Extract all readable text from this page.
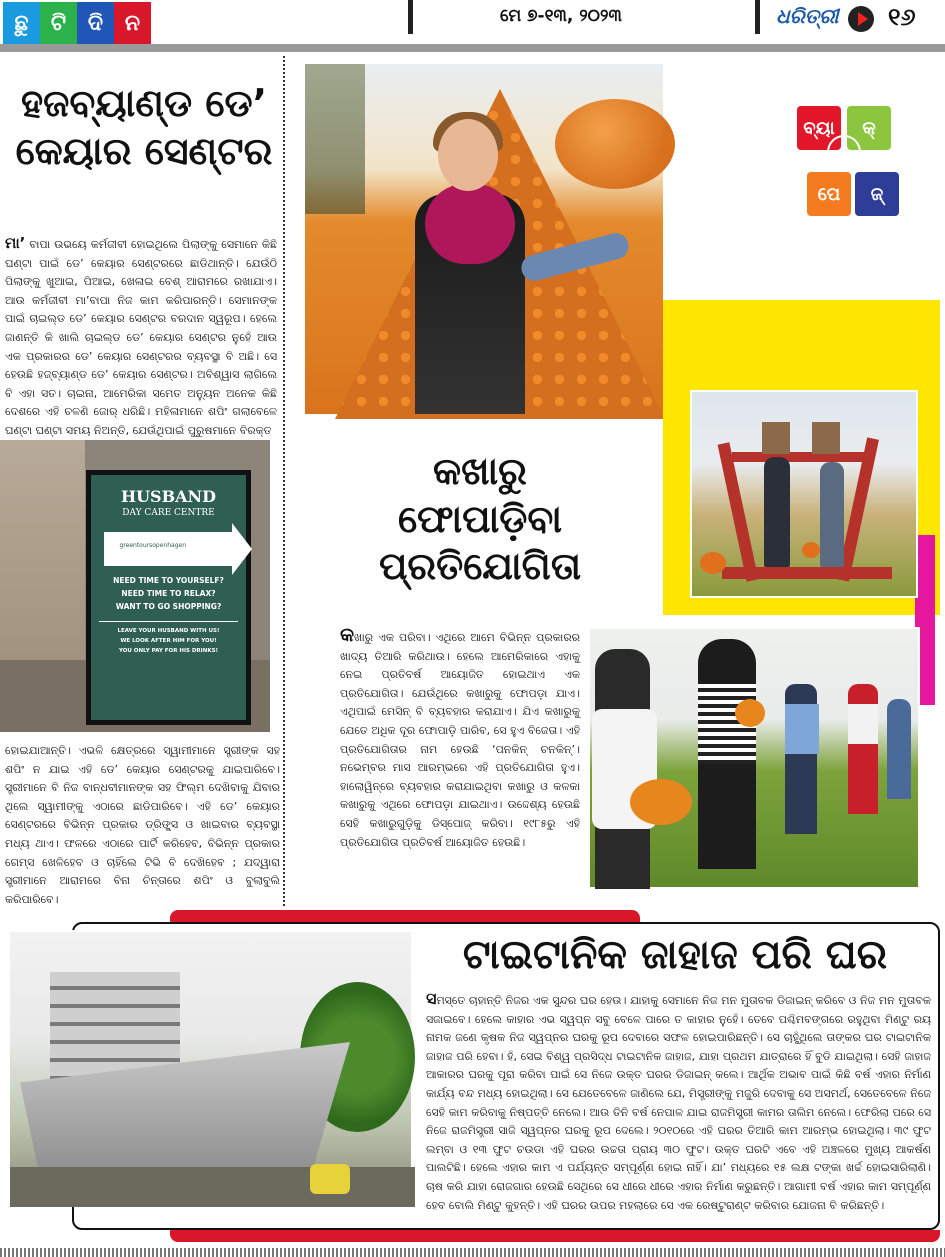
ଛୁ	ଟି ଦି ନ	ମେ ୭-୧୩, ୨୦୨୩	ଧରିତ୍ରୀ ୧୬
ହଜବ୍ୟାଣ୍ଡ ଡେ’ କେୟାର ସେଣ୍ଟର
ମା’ ବାପା ଉଭୟେ କର୍ମଜୀବୀ ହୋଇଥିଲେ ପିଲାଙ୍କୁ ସେମାନେ କିଛି ଘଣ୍ଟା ପାଇଁ ଡେ’ କେୟାର ସେଣ୍ଟରରେ ଛାଡିଥାନ୍ତି। ଯେଉଁଠି ପିଲାଙ୍କୁ ଖୁଆଇ, ପିଆଇ, ଖେଳାଇ ବେଶ୍ ଆରାମରେ ରଖାଯାଏ। ଆଉ କର୍ମଜୀବୀ ମା’ବାପା ନିଜ କାମ କରିପାରନ୍ତି। ସେମାନଙ୍କ ପାଇଁ ଚାଇଲ୍ଡ ଡେ’ କେୟାର ସେଣ୍ଟର ବରଦାନ ସ୍ୱରୂପ। ହେଲେ ଜାଣନ୍ତି କି ଖାଲି ଚାଇଲ୍ଡ ଡେ’ କେୟାର ସେଣ୍ଟର ନୁହେଁ ଆଉ ଏକ ପ୍ରକାରର ଡେ’ କେୟାର ସେଣ୍ଟରର ବ୍ୟବସ୍ଥା ବି ଅଛି। ସେ ହେଉଛି ହଜ୍‌ବ୍ୟାଣ୍ଡ ଡେ’ କେୟାର ସେଣ୍ଟର। ଅବିଶ୍ୱାସ ଲାଗିଲେ ବି ଏହା ସତ। ଚାଇନା, ଆମେରିକା ସମେତ ଅନ୍ୟୁନ ଅନେକ କିଛି ଦେଶରେ ଏହି ଚଳଣି ଜୋର୍ ଧରିଛି। ମହିଳାମାନେ ଶପିଂ ଗଲାବେଳେ ଘଣ୍ଟା ଘଣ୍ଟା ସମୟ ନିଅନ୍ତି, ଯେଉଁଥିପାଇଁ ପୁରୁଷମାନେ ବିରକ୍ତ
HUSBAND
DAY CARE CENTRE
greentoursopenhagen
NEED TIME TO YOURSELF?
NEED TIME TO RELAX?
WANT TO GO SHOPPING?
LEAVE YOUR HUSBAND WITH US!
WE LOOK AFTER HIM FOR YOU!
YOU ONLY PAY FOR HIS DRINKS!
ହୋଇଯାଆନ୍ତି। ଏଭଳି କ୍ଷେତ୍ରରେ ସ୍ୱାମୀମାନେ ସ୍ତ୍ରୀଙ୍କ ସହ ଶପିଂ ନ ଯାଇ ଏହି ଡେ’ କେୟାର ସେଣ୍ଟରକୁ ଯାଇପାରିବେ। ସ୍ତ୍ରୀମାନେ ବି ନିଜ ବାନ୍ଧବୀମାନଙ୍କ ସହ ଫିଲ୍ମ ଦେଖିବାକୁ ଯିବାର ଥିଲେ ସ୍ୱାମୀଙ୍କୁ ଏଠାରେ ଛାଡିପାରିବେ। ଏହି ଡେ’ କେୟାର ସେଣ୍ଟରରେ ବିଭିନ୍ନ ପ୍ରକାର ଡ୍ରିଙ୍କ୍ସ ଓ ଖାଇବାର ବ୍ୟବସ୍ଥା ମଧ୍ୟ ଥାଏ। ଫଳରେ ଏଠାରେ ପାର୍ଟି କରିହେବ, ବିଭିନ୍ନ ପ୍ରକାର ଗେମ୍ସ ଖେଳିହେବ ଓ ଚାହିଁଲେ ଟିଭି ବି ଦେଖିହେବ ; ଯଦ୍ୱାରା ସ୍ତ୍ରୀମାନେ ଆରାମରେ ବିନା ଚିନ୍ତାରେ ଶପିଂ ଓ ବୁଲାବୁଲି କରିପାରିବେ।
ବ୍ୟା	କ୍
ପେ	ଜ୍
କଖାରୁ
ଫୋପାଡ଼ିବା
ପ୍ରତିଯୋଗିତା
କଖାରୁ ଏକ ପରିବା। ଏଥିରେ ଆମେ ବିଭିନ୍ନ ପ୍ରକାରର ଖାଦ୍ୟ ତିଆରି କରିଥାଉ। ହେଲେ ଆମେରିକାରେ ଏହାକୁ ନେଇ ପ୍ରତିବର୍ଷ ଆୟୋଜିତ ହୋଇଥାଏ ଏକ ପ୍ରତିଯୋଗିତା। ଯେଉଁଥିରେ କଖାରୁକୁ ଫୋପଡ଼ା ଯାଏ। ଏଥିପାଇଁ ମେସିନ୍ ବି ବ୍ୟବହାର କରାଯାଏ। ଯିଏ କଖାରୁକୁ ଯେତେ ଅଧିକ ଦୂର ଫୋପାଡ଼ି ପାରିବ, ସେ ହୁଏ ବିଜେତା। ଏହି ପ୍ରତିଯୋଗିତାର ନାମ ହେଉଛି ‘ପନକିନ୍ ଚନକିନ୍’। ନଭେମ୍ବର ମାସ ଆରମ୍ଭରେ ଏହି ପ୍ରତିଯୋଗିତା ହୁଏ। ହାଲୋୱିନ୍‌ରେ ବ୍ୟବହାର କରାଯାଇଥିବା କଖାରୁ ଓ କଳକା କଖାରୁକୁ ଏଥିରେ ଫୋପଡ଼ା ଯାଇଥାଏ। ଉଦ୍ଦେଶ୍ୟ ହେଉଛି ସେହି କଖାରୁଗୁଡ଼ିକୁ ଡିସ୍‌ପୋଜ୍ କରିବା। ୧୯୮୫ରୁ ଏହି ପ୍ରତିଯୋଗିତା ପ୍ରତିବର୍ଷ ଆୟୋଜିତ ହେଉଛି।
ଟାଇଟାନିକ ଜାହାଜ ପରି ଘର
ସମସ୍ତେ ଚାହାନ୍ତି ନିଜର ଏକ ସୁନ୍ଦର ଘର ହେଉ। ଯାହାକୁ ସେମାନେ ନିଜ ମନ ମୁତାବକ ଡିଜାଇନ୍ କରିବେ ଓ ନିଜ ମନ ମୁତାବକ ସଜାଇବେ। ହେଲେ କାହାର ଏଭ ସ୍ୱପ୍ନ ସବୁ ବେଳେ ପାରେ ତ କାହାର ନୁହେଁ। ତେବେ ପଶ୍ଚିମବଙ୍ଗରେ ରହୁଥିବା ମିଣ୍ଟୁ ରୟ ନାମକ ଜଣେ କୃଷକ ନିଜ ସ୍ୱପ୍ନର ଘରକୁ ରୂପ ଦେବାରେ ସଫଳ ହୋଇପାରିଛନ୍ତି। ସେ ଚାହୁଁଥିଲେ ତାଙ୍କର ଘର ଟାଇଟାନିକ ଜାହାଜ ପରି ହେବା। ହଁ, ସେଇ ବିଶ୍ୱ ପ୍ରସିଦ୍ଧ ଟାଇଟାନିକ ଜାହାଜ, ଯାହା ପ୍ରଥମ ଯାତ୍ରାରେ ହିଁ ବୁଡି ଯାଇଥିଲା। ସେହି ଜାହାଜ ଆକାରର ଘରକୁ ପୂରା କରିବା ପାଇଁ ସେ ନିଜେ ଉକ୍ତ ଘରର ଡିଜାଇନ୍ କଲେ। ଆର୍ଥିକ ଅଭାବ ପାଇଁ କିଛି ବର୍ଷ ଏହାର ନିର୍ମାଣ କାର୍ଯ୍ୟ ବନ୍ଦ ମଧ୍ୟ ହୋଇଥିଲା। ସେ ଯେତେବେଳେ ଜାଣିଲେ ଯେ, ମିସ୍ତ୍ରୀଙ୍କୁ ମଜୁରି ଦେବାକୁ ସେ ଅସମର୍ଥ, ସେତେବେଳେ ନିଜେ ସେହି କାମ କରିବାକୁ ନିଷ୍ପତ୍ତି ନେଲେ। ଆଉ ତିନି ବର୍ଷ ନେପାଳ ଯାଇ ରାଜମିସ୍ତ୍ରୀ କାମର ତାଲିମ ନେଲେ। ଫେରିଲା ପରେ ସେ ନିଜେ ରାଜମିସ୍ତ୍ରୀ ସାଜି ସ୍ୱପ୍ନର ଘରକୁ ରୂପ ଦେଲେ। ୨୦୧୦ରେ ଏହି ଘରର ତିଆରି କାମ ଆରମ୍ଭ ହୋଇଥିଲା। ୩୯ ଫୁଟ ଲମ୍ବା ଓ ୧୩ ଫୁଟ ଚଉଡା ଏହି ଘରର ଉଚ୍ଚତା ପ୍ରାୟ ୩୦ ଫୁଟ। ଉକ୍ତ ଘରଟି ଏବେ ଏହି ଅଞ୍ଚଳରେ ମୁଖ୍ୟ ଆକର୍ଷଣ ପାଲଟିଛି। ହେଲେ ଏହାର କାମ ଏ ପର୍ଯ୍ୟନ୍ତ ସମ୍ପୂର୍ଣ୍ଣ ହୋଇ ନାହିଁ। ଯା’ ମଧ୍ୟରେ ୧୫ ଲକ୍ଷ ଟଙ୍କା ଖର୍ଚ୍ଚ ହୋଇସାରିଲାଣି। ଚାଷ କରି ଯାହା ରୋଜଗାର ହେଉଛି ସେଥିରେ ସେ ଧୀରେ ଧୀରେ ଏହାର ନିର୍ମାଣ କରୁଛନ୍ତି। ଆଗାମୀ ବର୍ଷ ଏହାର କାମ ସମ୍ପୂର୍ଣ୍ଣ ହେବ ବୋଲି ମିଣ୍ଟୁ କୁହନ୍ତି। ଏହି ଘରର ଉପର ମହଲାରେ ସେ ଏକ ରେଷ୍ଟୁରାଣ୍ଟ କରିବାର ଯୋଜନା ବି କରିଛନ୍ତି।
